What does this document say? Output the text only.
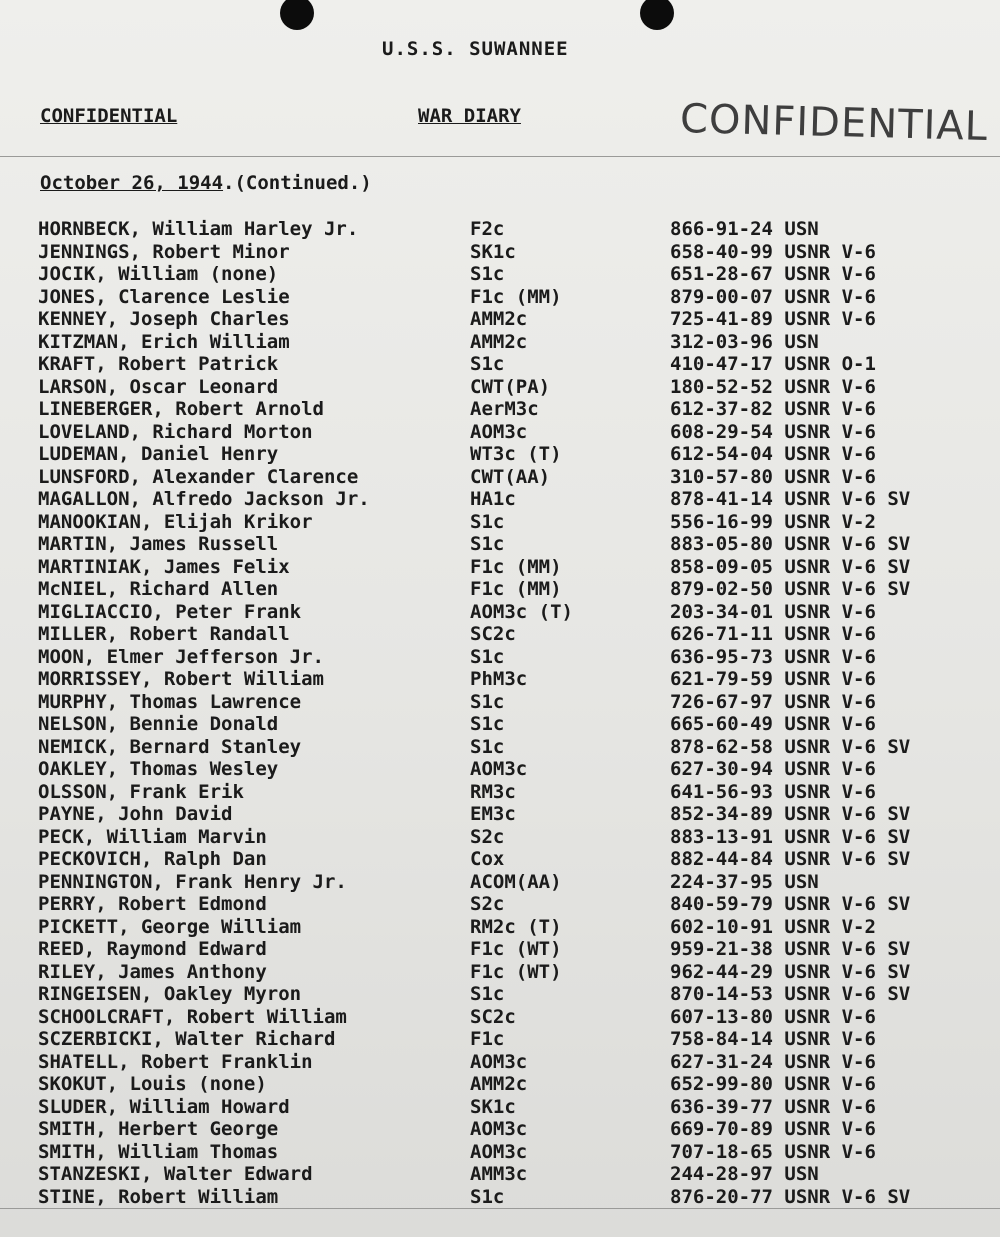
U.S.S. SUWANNEE
CONFIDENTIAL	WAR DIARY	CONFIDENTIAL
October 26, 1944.(Continued.)
HORNBECK, William Harley Jr.	F2c	866-91-24 USN
JENNINGS, Robert Minor	SK1c	658-40-99 USNR V-6
JOCIK, William (none)	S1c	651-28-67 USNR V-6
JONES, Clarence Leslie	F1c (MM)	879-00-07 USNR V-6
KENNEY, Joseph Charles	AMM2c	725-41-89 USNR V-6
KITZMAN, Erich William	AMM2c	312-03-96 USN
KRAFT, Robert Patrick	S1c	410-47-17 USNR O-1
LARSON, Oscar Leonard	CWT(PA)	180-52-52 USNR V-6
LINEBERGER, Robert Arnold	AerM3c	612-37-82 USNR V-6
LOVELAND, Richard Morton	AOM3c	608-29-54 USNR V-6
LUDEMAN, Daniel Henry	WT3c (T)	612-54-04 USNR V-6
LUNSFORD, Alexander Clarence	CWT(AA)	310-57-80 USNR V-6
MAGALLON, Alfredo Jackson Jr.	HA1c	878-41-14 USNR V-6 SV
MANOOKIAN, Elijah Krikor	S1c	556-16-99 USNR V-2
MARTIN, James Russell	S1c	883-05-80 USNR V-6 SV
MARTINIAK, James Felix	F1c (MM)	858-09-05 USNR V-6 SV
McNIEL, Richard Allen	F1c (MM)	879-02-50 USNR V-6 SV
MIGLIACCIO, Peter Frank	AOM3c (T)	203-34-01 USNR V-6
MILLER, Robert Randall	SC2c	626-71-11 USNR V-6
MOON, Elmer Jefferson Jr.	S1c	636-95-73 USNR V-6
MORRISSEY, Robert William	PhM3c	621-79-59 USNR V-6
MURPHY, Thomas Lawrence	S1c	726-67-97 USNR V-6
NELSON, Bennie Donald	S1c	665-60-49 USNR V-6
NEMICK, Bernard Stanley	S1c	878-62-58 USNR V-6 SV
OAKLEY, Thomas Wesley	AOM3c	627-30-94 USNR V-6
OLSSON, Frank Erik	RM3c	641-56-93 USNR V-6
PAYNE, John David	EM3c	852-34-89 USNR V-6 SV
PECK, William Marvin	S2c	883-13-91 USNR V-6 SV
PECKOVICH, Ralph Dan	Cox	882-44-84 USNR V-6 SV
PENNINGTON, Frank Henry Jr.	ACOM(AA)	224-37-95 USN
PERRY, Robert Edmond	S2c	840-59-79 USNR V-6 SV
PICKETT, George William	RM2c (T)	602-10-91 USNR V-2
REED, Raymond Edward	F1c (WT)	959-21-38 USNR V-6 SV
RILEY, James Anthony	F1c (WT)	962-44-29 USNR V-6 SV
RINGEISEN, Oakley Myron	S1c	870-14-53 USNR V-6 SV
SCHOOLCRAFT, Robert William	SC2c	607-13-80 USNR V-6
SCZERBICKI, Walter Richard	F1c	758-84-14 USNR V-6
SHATELL, Robert Franklin	AOM3c	627-31-24 USNR V-6
SKOKUT, Louis (none)	AMM2c	652-99-80 USNR V-6
SLUDER, William Howard	SK1c	636-39-77 USNR V-6
SMITH, Herbert George	AOM3c	669-70-89 USNR V-6
SMITH, William Thomas	AOM3c	707-18-65 USNR V-6
STANZESKI, Walter Edward	AMM3c	244-28-97 USN
STINE, Robert William	S1c	876-20-77 USNR V-6 SV
